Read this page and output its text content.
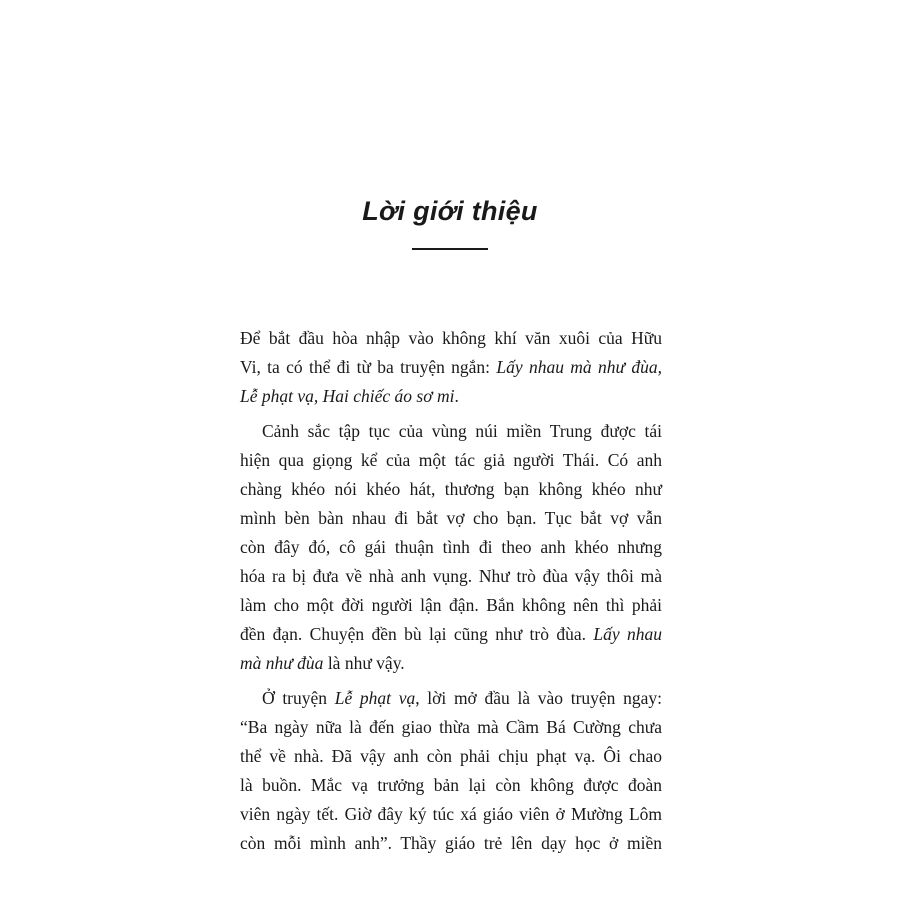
Lời giới thiệu
Để bắt đầu hòa nhập vào không khí văn xuôi của Hữu
Vi, ta có thể đi từ ba truyện ngắn: Lấy nhau mà như đùa,
Lễ phạt vạ, Hai chiếc áo sơ mi.
Cảnh sắc tập tục của vùng núi miền Trung được tái
hiện qua giọng kể của một tác giả người Thái. Có anh
chàng khéo nói khéo hát, thương bạn không khéo như
mình bèn bàn nhau đi bắt vợ cho bạn. Tục bắt vợ vẫn
còn đây đó, cô gái thuận tình đi theo anh khéo nhưng
hóa ra bị đưa về nhà anh vụng. Như trò đùa vậy thôi mà
làm cho một đời người lận đận. Bắn không nên thì phải
đền đạn. Chuyện đền bù lại cũng như trò đùa. Lấy nhau
mà như đùa là như vậy.
Ở truyện Lễ phạt vạ, lời mở đầu là vào truyện ngay:
“Ba ngày nữa là đến giao thừa mà Cầm Bá Cường chưa
thể về nhà. Đã vậy anh còn phải chịu phạt vạ. Ôi chao
là buồn. Mắc vạ trưởng bản lại còn không được đoàn
viên ngày tết. Giờ đây ký túc xá giáo viên ở Mường Lôm
còn mỗi mình anh”. Thầy giáo trẻ lên dạy học ở miền
